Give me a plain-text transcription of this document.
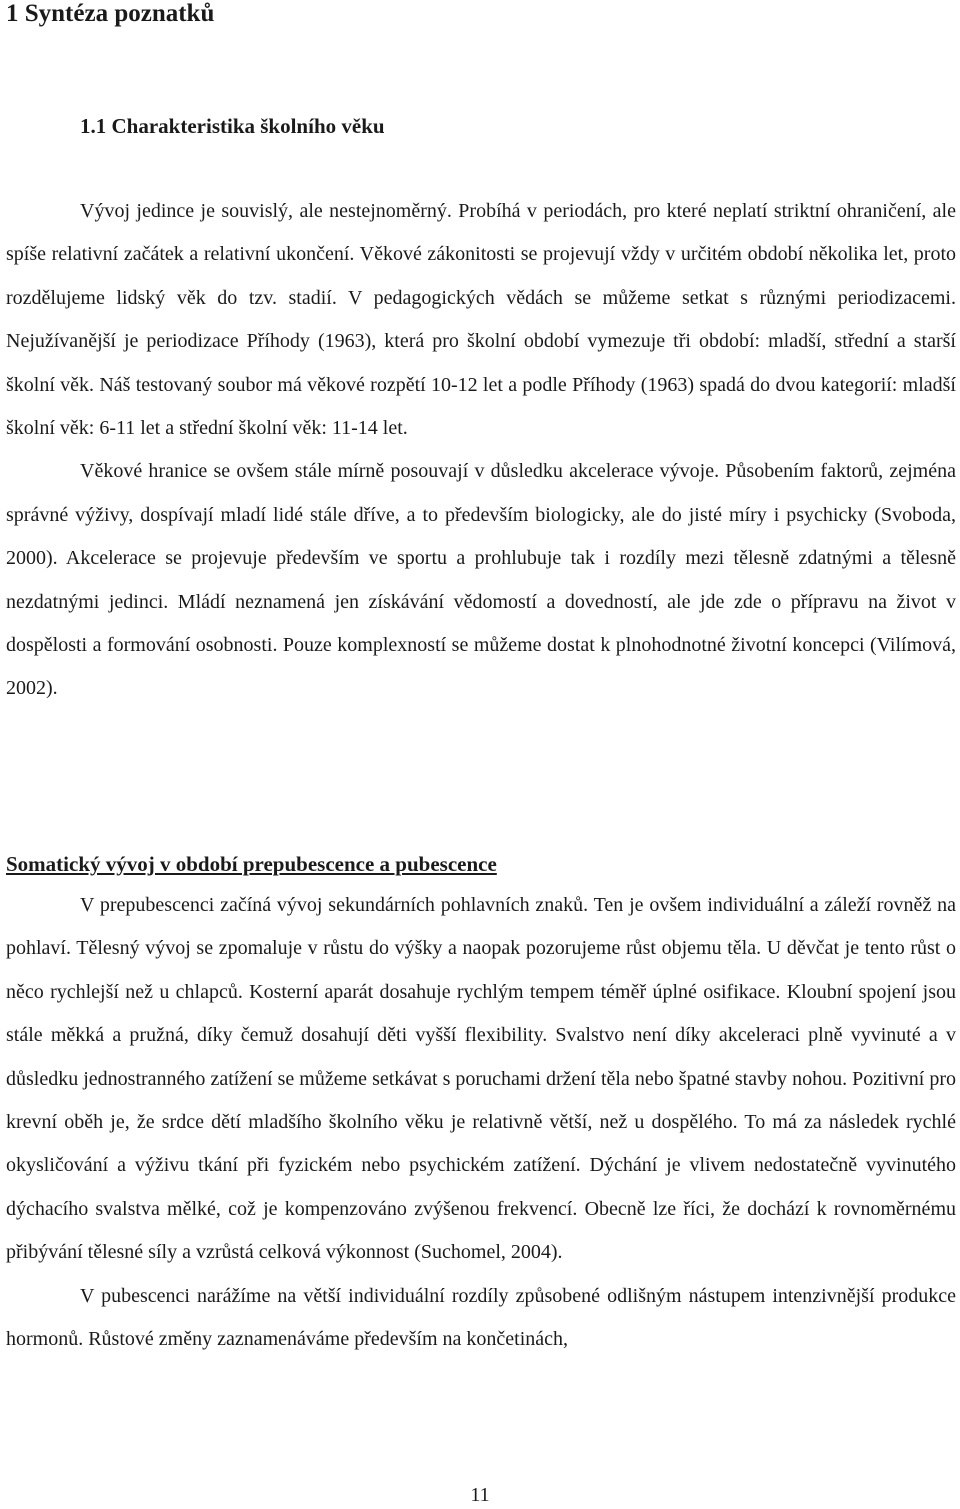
1 Syntéza poznatků
1.1 Charakteristika školního věku

Vývoj jedince je souvislý, ale nestejnoměrný. Probíhá v periodách, pro které neplatí striktní ohraničení, ale spíše relativní začátek a relativní ukončení. Věkové zákonitosti se projevují vždy v určitém období několika let, proto rozdělujeme lidský věk do tzv. stadií. V pedagogických vědách se můžeme setkat s různými periodizacemi. Nejužívanější je periodizace Příhody (1963), která pro školní období vymezuje tři období: mladší, střední a starší školní věk. Náš testovaný soubor má věkové rozpětí 10-12 let a podle Příhody (1963) spadá do dvou kategorií: mladší školní věk: 6-11 let a střední školní věk: 11-14 let.

Věkové hranice se ovšem stále mírně posouvají v důsledku akcelerace vývoje. Působením faktorů, zejména správné výživy, dospívají mladí lidé stále dříve, a to především biologicky, ale do jisté míry i psychicky (Svoboda, 2000). Akcelerace se projevuje především ve sportu a prohlubuje tak i rozdíly mezi tělesně zdatnými a tělesně nezdatnými jedinci. Mládí neznamená jen získávání vědomostí a dovedností, ale jde zde o přípravu na život v dospělosti a formování osobnosti. Pouze komplexností se můžeme dostat k plnohodnotné životní koncepci (Vilímová, 2002).

Somatický vývoj v období prepubescence a pubescence

V prepubescenci začíná vývoj sekundárních pohlavních znaků. Ten je ovšem individuální a záleží rovněž na pohlaví. Tělesný vývoj se zpomaluje v růstu do výšky a naopak pozorujeme růst objemu těla. U děvčat je tento růst o něco rychlejší než u chlapců. Kosterní aparát dosahuje rychlým tempem téměř úplné osifikace. Kloubní spojení jsou stále měkká a pružná, díky čemuž dosahují děti vyšší flexibility. Svalstvo není díky akceleraci plně vyvinuté a v důsledku jednostranného zatížení se můžeme setkávat s poruchami držení těla nebo špatné stavby nohou. Pozitivní pro krevní oběh je, že srdce dětí mladšího školního věku je relativně větší, než u dospělého. To má za následek rychlé okysličování a výživu tkání při fyzickém nebo psychickém zatížení. Dýchání je vlivem nedostatečně vyvinutého dýchacího svalstva mělké, což je kompenzováno zvýšenou frekvencí. Obecně lze říci, že dochází k rovnoměrnému přibývání tělesné síly a vzrůstá celková výkonnost (Suchomel, 2004).

V pubescenci narážíme na větší individuální rozdíly způsobené odlišným nástupem intenzivnější produkce hormonů. Růstové změny zaznamenáváme především na končetinách,

11
